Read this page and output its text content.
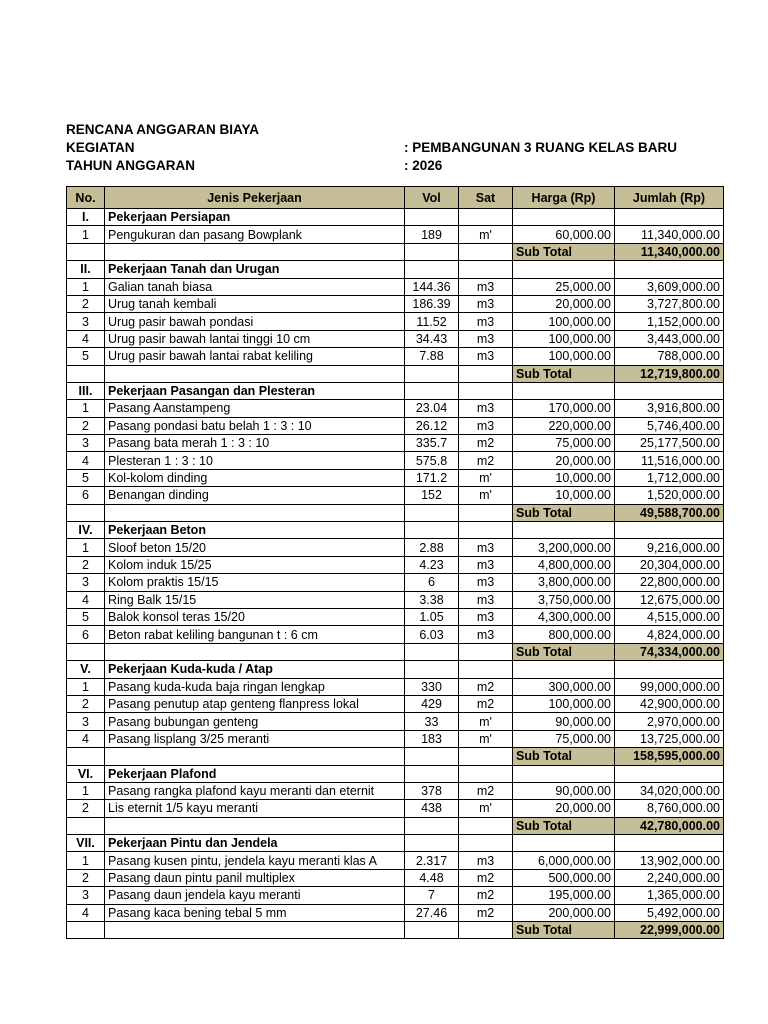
RENCANA ANGGARAN BIAYA
KEGIATAN	: PEMBANGUNAN 3 RUANG KELAS BARU
TAHUN ANGGARAN	: 2026
No.	Jenis Pekerjaan	Vol	Sat	Harga (Rp)	Jumlah (Rp)
I.	Pekerjaan Persiapan				
1	Pengukuran dan pasang Bowplank	189	m'	60,000.00	11,340,000.00
				Sub Total	11,340,000.00
II.	Pekerjaan Tanah dan Urugan				
1	Galian tanah biasa	144.36	m3	25,000.00	3,609,000.00
2	Urug tanah kembali	186.39	m3	20,000.00	3,727,800.00
3	Urug pasir bawah pondasi	11.52	m3	100,000.00	1,152,000.00
4	Urug pasir bawah lantai tinggi 10 cm	34.43	m3	100,000.00	3,443,000.00
5	Urug pasir bawah lantai rabat keliling	7.88	m3	100,000.00	788,000.00
				Sub Total	12,719,800.00
III.	Pekerjaan Pasangan dan Plesteran				
1	Pasang Aanstampeng	23.04	m3	170,000.00	3,916,800.00
2	Pasang pondasi batu belah 1 : 3 : 10	26.12	m3	220,000.00	5,746,400.00
3	Pasang bata merah 1 : 3 : 10	335.7	m2	75,000.00	25,177,500.00
4	Plesteran 1 : 3 : 10	575.8	m2	20,000.00	11,516,000.00
5	Kol-kolom dinding	171.2	m'	10,000.00	1,712,000.00
6	Benangan dinding	152	m'	10,000.00	1,520,000.00
				Sub Total	49,588,700.00
IV.	Pekerjaan Beton				
1	Sloof beton 15/20	2.88	m3	3,200,000.00	9,216,000.00
2	Kolom induk 15/25	4.23	m3	4,800,000.00	20,304,000.00
3	Kolom praktis 15/15	6	m3	3,800,000.00	22,800,000.00
4	Ring Balk 15/15	3.38	m3	3,750,000.00	12,675,000.00
5	Balok konsol teras 15/20	1.05	m3	4,300,000.00	4,515,000.00
6	Beton rabat keliling bangunan t : 6 cm	6.03	m3	800,000.00	4,824,000.00
				Sub Total	74,334,000.00
V.	Pekerjaan Kuda-kuda / Atap				
1	Pasang kuda-kuda baja ringan lengkap	330	m2	300,000.00	99,000,000.00
2	Pasang penutup atap genteng flanpress lokal	429	m2	100,000.00	42,900,000.00
3	Pasang bubungan genteng	33	m'	90,000.00	2,970,000.00
4	Pasang lisplang 3/25 meranti	183	m'	75,000.00	13,725,000.00
				Sub Total	158,595,000.00
VI.	Pekerjaan Plafond				
1	Pasang rangka plafond kayu meranti dan eternit	378	m2	90,000.00	34,020,000.00
2	Lis eternit 1/5 kayu meranti	438	m'	20,000.00	8,760,000.00
				Sub Total	42,780,000.00
VII.	Pekerjaan Pintu dan Jendela				
1	Pasang kusen pintu, jendela kayu meranti klas A	2.317	m3	6,000,000.00	13,902,000.00
2	Pasang daun pintu panil multiplex	4.48	m2	500,000.00	2,240,000.00
3	Pasang daun jendela kayu meranti	7	m2	195,000.00	1,365,000.00
4	Pasang kaca bening tebal 5 mm	27.46	m2	200,000.00	5,492,000.00
				Sub Total	22,999,000.00
